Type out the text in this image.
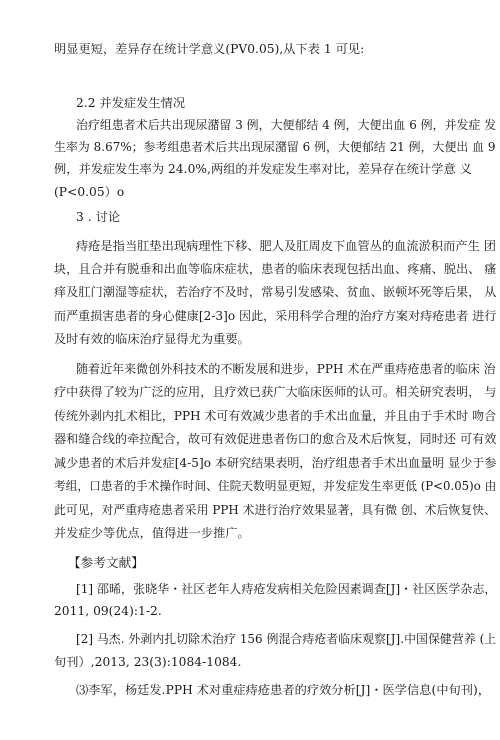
明显更短，差异存在统计学意义(PV0.05),从下表 1 可见:
2.2 并发症发生情况
治疗组患者术后共出现尿潴留 3 例，大便郁结 4 例，大便出血 6 例，并发症 发
生率为 8.67%；参考组患者术后共出现尿潴留 6 例，大便郁结 21 例，大便出 血 9
例，并发症发生率为 24.0%,两组的并发症发生率对比，差异存在统计学意 义
(P<0.05）o
3 . 讨论
痔疮是指当肛垫出现病理性下移、肥人及肛周皮下血管丛的血流淤积而产生 团
块，且合并有脱垂和出血等临床症状，患者的临床表现包括出血、疼痛、脱出、 瘙
痒及肛门潮湿等症状，若治疗不及时，常易引发感染、贫血、嵌顿坏死等后果， 从
而严重损害患者的身心健康[2-3]o 因此，采用科学合理的治疗方案对痔疮患者 进行
及时有效的临床治疗显得尤为重要。
随着近年来微创外科技术的不断发展和进步，PPH 术在严重痔疮患者的临床 治
疗中获得了较为广泛的应用，且疗效已获广大临床医师的认可。相关研究表明， 与
传统外剥内扎术相比，PPH 术可有效减少患者的手术出血量，并且由于手术时 吻合
器和缝合线的牵拉配合，故可有效促进患者伤口的愈合及术后恢复，同时还 可有效
减少患者的术后并发症[4-5]o 本研究结果表明，治疗组患者手术出血量明 显少于参
考组，口患者的手术操作时间、住院天数明显更短，并发症发生率更低 (P<0.05)o 由
此可见，对严重痔疮患者采用 PPH 术进行治疗效果显著，具有微 创、术后恢复快、
并发症少等优点，值得进一步推广。
【参考文献】
[1] 邵晞，张晓华・社区老年人痔疮发病相关危险因素调查[J]・社区医学杂志，
2011, 09(24):1-2.
[2] 马杰. 外剥内扎切除术治疗 156 例混合痔疮者临床观察[J].中国保健营养 (上
旬刊）,2013, 23(3):1084-1084.
⑶李军，杨廷发.PPH 术对重症痔疮患者的疗效分析[J]・医学信息(中旬刊)，
